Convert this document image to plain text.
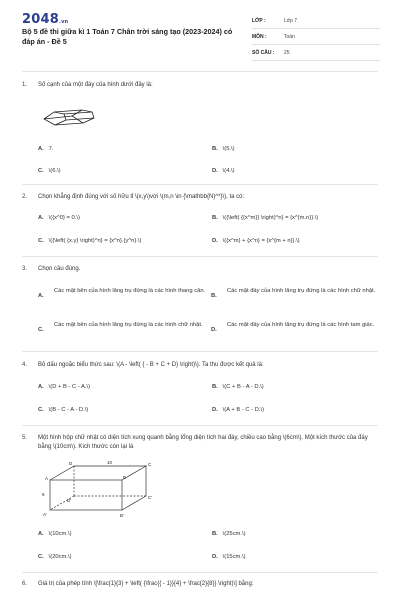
2048.vn
Bộ 5 đề thi giữa kì 1 Toán 7 Chân trời sáng tạo (2023-2024) có đáp án - Đề 5
LỚP :	Lớp 7
MÔN :	Toán
SỐ CÂU :	25
1. Số cạnh của một đáy của hình dưới đây là:
A. 7.	B. \(5.\)
C. \(6.\)	D. \(4.\)
2. Chọn khẳng định đúng với số hữu tỉ \(x,y\)với \(m,n \in {\mathbb{N}^*}\), ta có:
A. \({x^0} = 0.\)	B. \({\left( {{x^m}} \right)^n} = {x^{m.n}}.\)
C. \({\left( {x.y} \right)^n} = {x^n}.{y^n}.\)	D. \({x^m} + {x^n} = {x^{m + n}}.\)
3. Chọn câu đúng.
A.
Các mặt bên của hình lăng trụ đứng là các hình thang cân.
B.
Các mặt đáy của hình lăng trụ đứng là các hình chữ nhật.
C.
Các mặt bên của hình lăng trụ đứng là các hình chữ nhật.
D.
Các mặt đáy của hình lăng trụ đứng là các hình tam giác.
4. Bỏ dấu ngoặc biểu thức sau: \(A - \left( { - B + C + D} \right)\). Ta thu được kết quả là:
A. \(D + B - C - A.\)	B. \(C + B - A - D.\)
C. \(B - C - A - D.\)	D. \(A + B - C - D.\)
5. Một hình hộp chữ nhật có diện tích xung quanh bằng tổng diện tích hai đáy, chiều cao bằng \(6cm\). Một kích thước của đáy bằng \(10cm\). Kích thước còn lại là
D	10	C
A	B
6
D'
C'
A'	B'
A. \(10cm.\)	B. \(25cm.\)
C. \(20cm.\)	D. \(15cm.\)
6. Giá trị của phép tính \[\frac{1}{3} + \left( {\frac{{ - 1}}{4} + \frac{2}{8}} \right)\] bằng:
